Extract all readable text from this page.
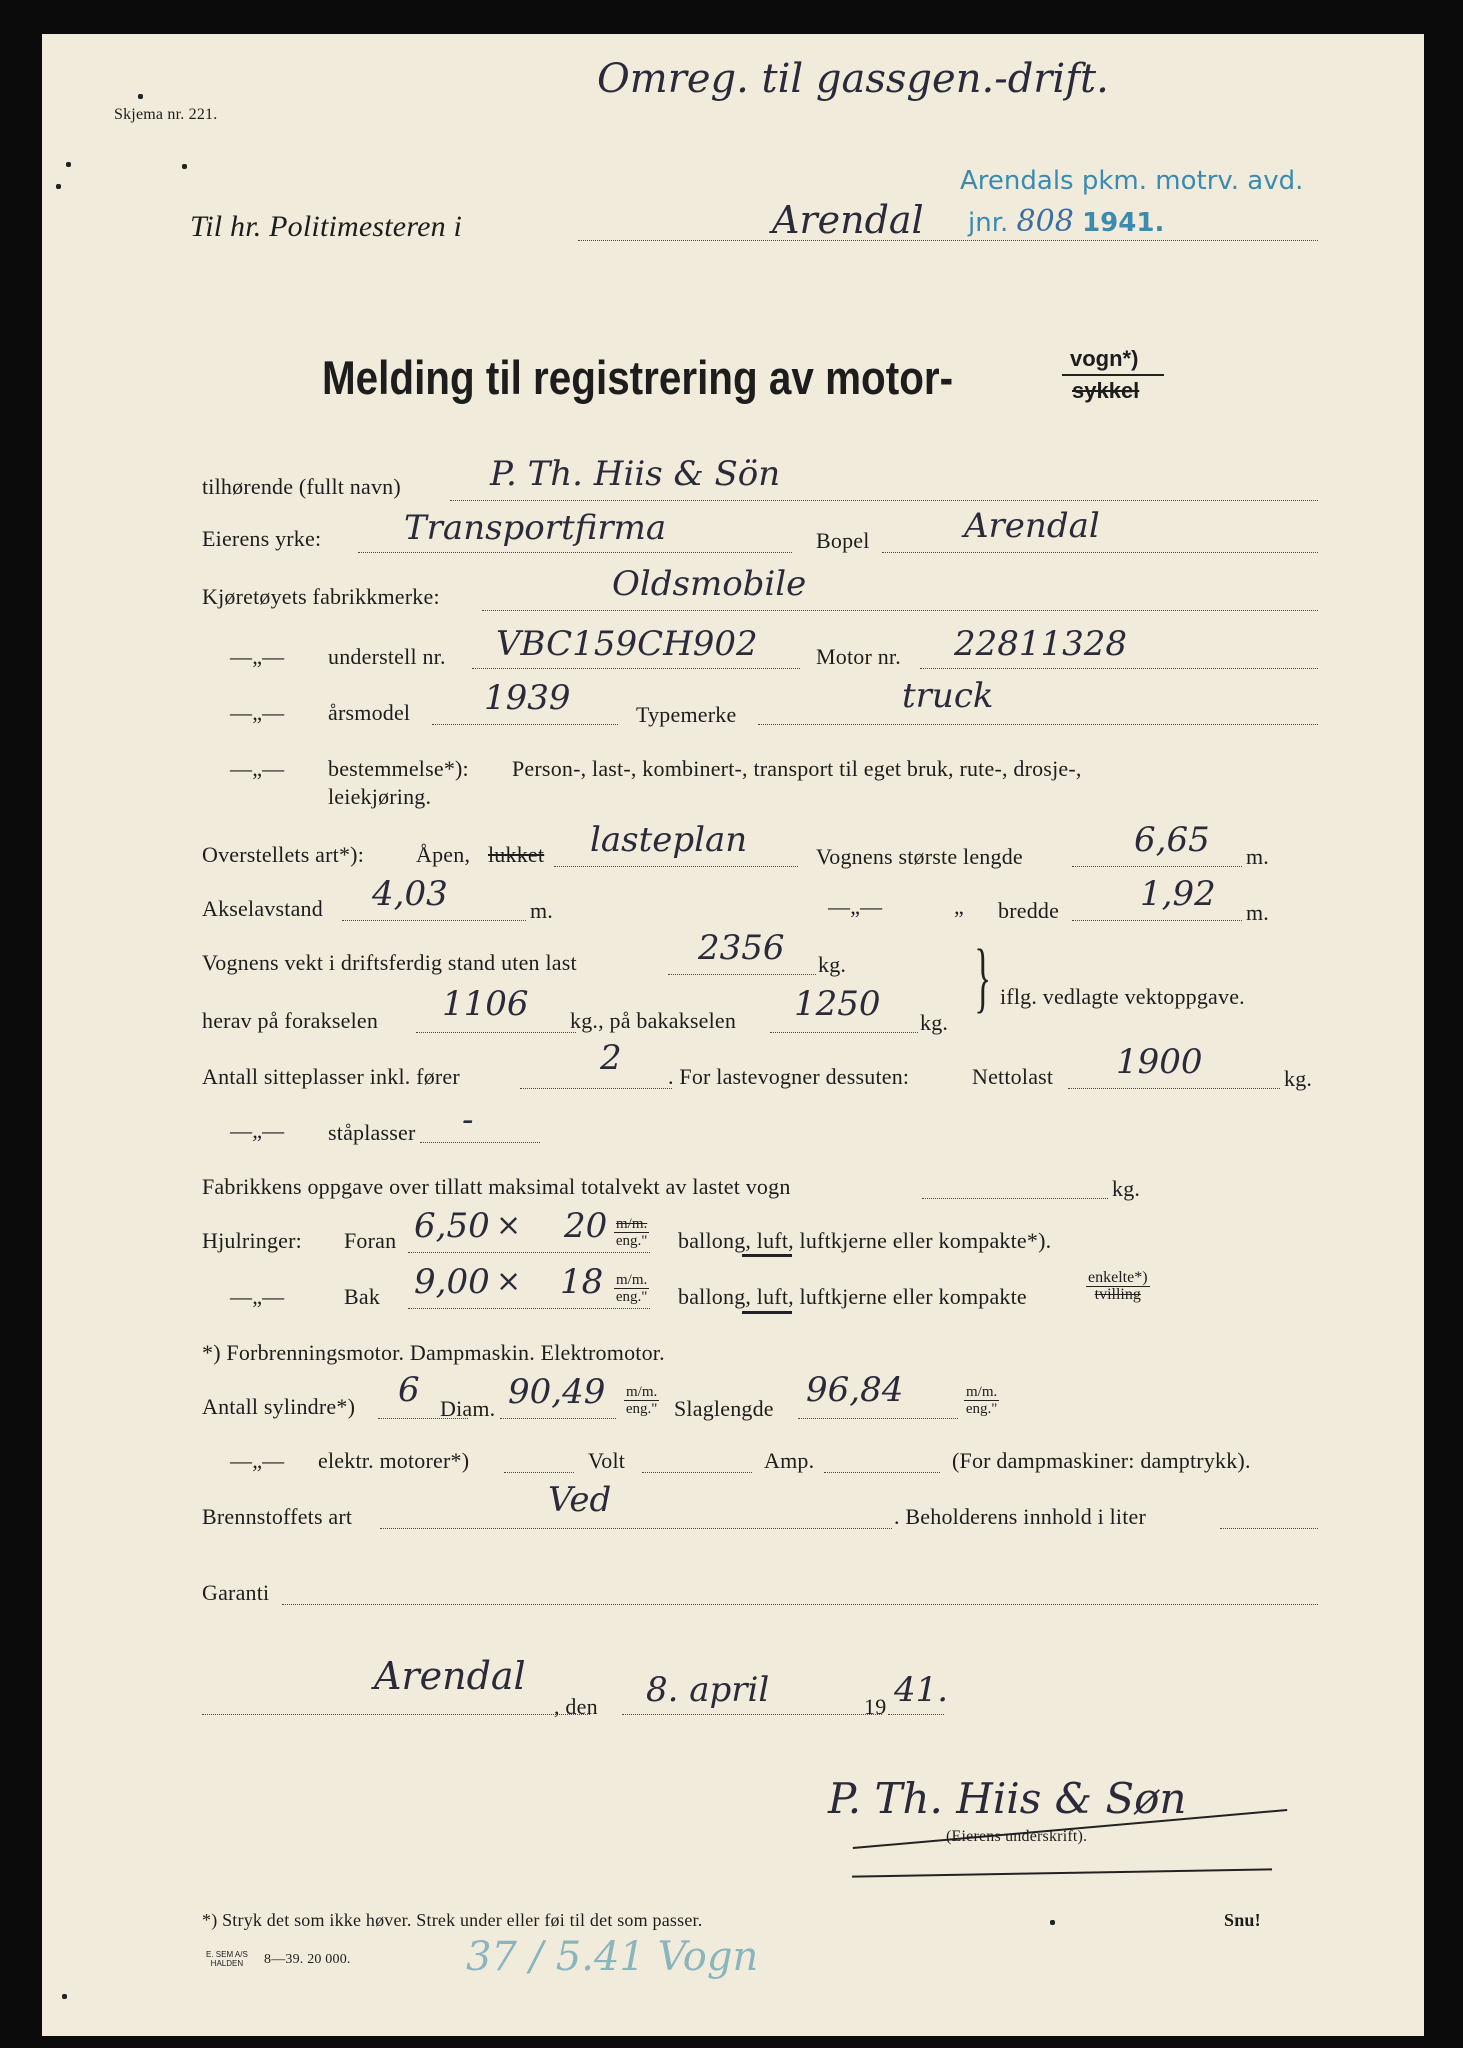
Omreg. til gassgen.-drift.
Skjema nr. 221.
Til hr. Politimesteren i	Arendal
Arendals pkm. motrv. avd.
jnr. 808 1941.
Melding til registrering av motor-	vogn*)
sykkel
tilhørende (fullt navn)	P. Th. Hiis & Sön
Eierens yrke: Transportfirma	Bopel	Arendal
Kjøretøyets fabrikkmerke:	Oldsmobile
—„— understell nr. VBC159CH902	Motor nr. 22811328
—„— årsmodel 1939	Typemerke	truck
—„— bestemmelse*): Person-, last-, kombinert-, transport til eget bruk, rute-, drosje-,
leiekjøring.
Overstellets art*): Åpen, lukket lasteplan	Vognens største lengde	6,65 m.
Akselavstand 4,03	m.	—„—	„ bredde 1,92 m.
Vognens vekt i driftsferdig stand uten last	2356 kg.
herav på forakselen 1106 kg., på bakakselen 1250 kg.
} iflg. vedlagte vektoppgave.
Antall sitteplasser inkl. fører	2 . For lastevogner dessuten:	Nettolast 1900	kg.
—„— ståplasser -
Fabrikkens oppgave over tillatt maksimal totalvekt av lastet vogn	kg.
Hjulringer: Foran 6,50 × 20 m/m.
eng." ballong, luft, luftkjerne eller kompakte*).
—„—	Bak 9,00 × 18 m/m.
eng." ballong, luft, luftkjerne eller kompakte
enkelte*)
tvilling
*) Forbrenningsmotor. Dampmaskin. Elektromotor.
Antall sylindre*) 6 Diam. 90,49 m/m.
eng." Slaglengde 96,84	m/m.
eng."
—„— elektr. motorer*)	Volt	Amp.	(For dampmaskiner: damptrykk).
Brennstoffets art	Ved	. Beholderens innhold i liter
Garanti
Arendal
, den 8. april	19 41.
P. Th. Hiis & Søn
(Eierens underskrift).
*) Stryk det som ikke høver. Strek under eller føi til det som passer.	Snu!
E. SEM A/S
HALDEN	8—39. 20 000.	37 / 5.41 Vogn
